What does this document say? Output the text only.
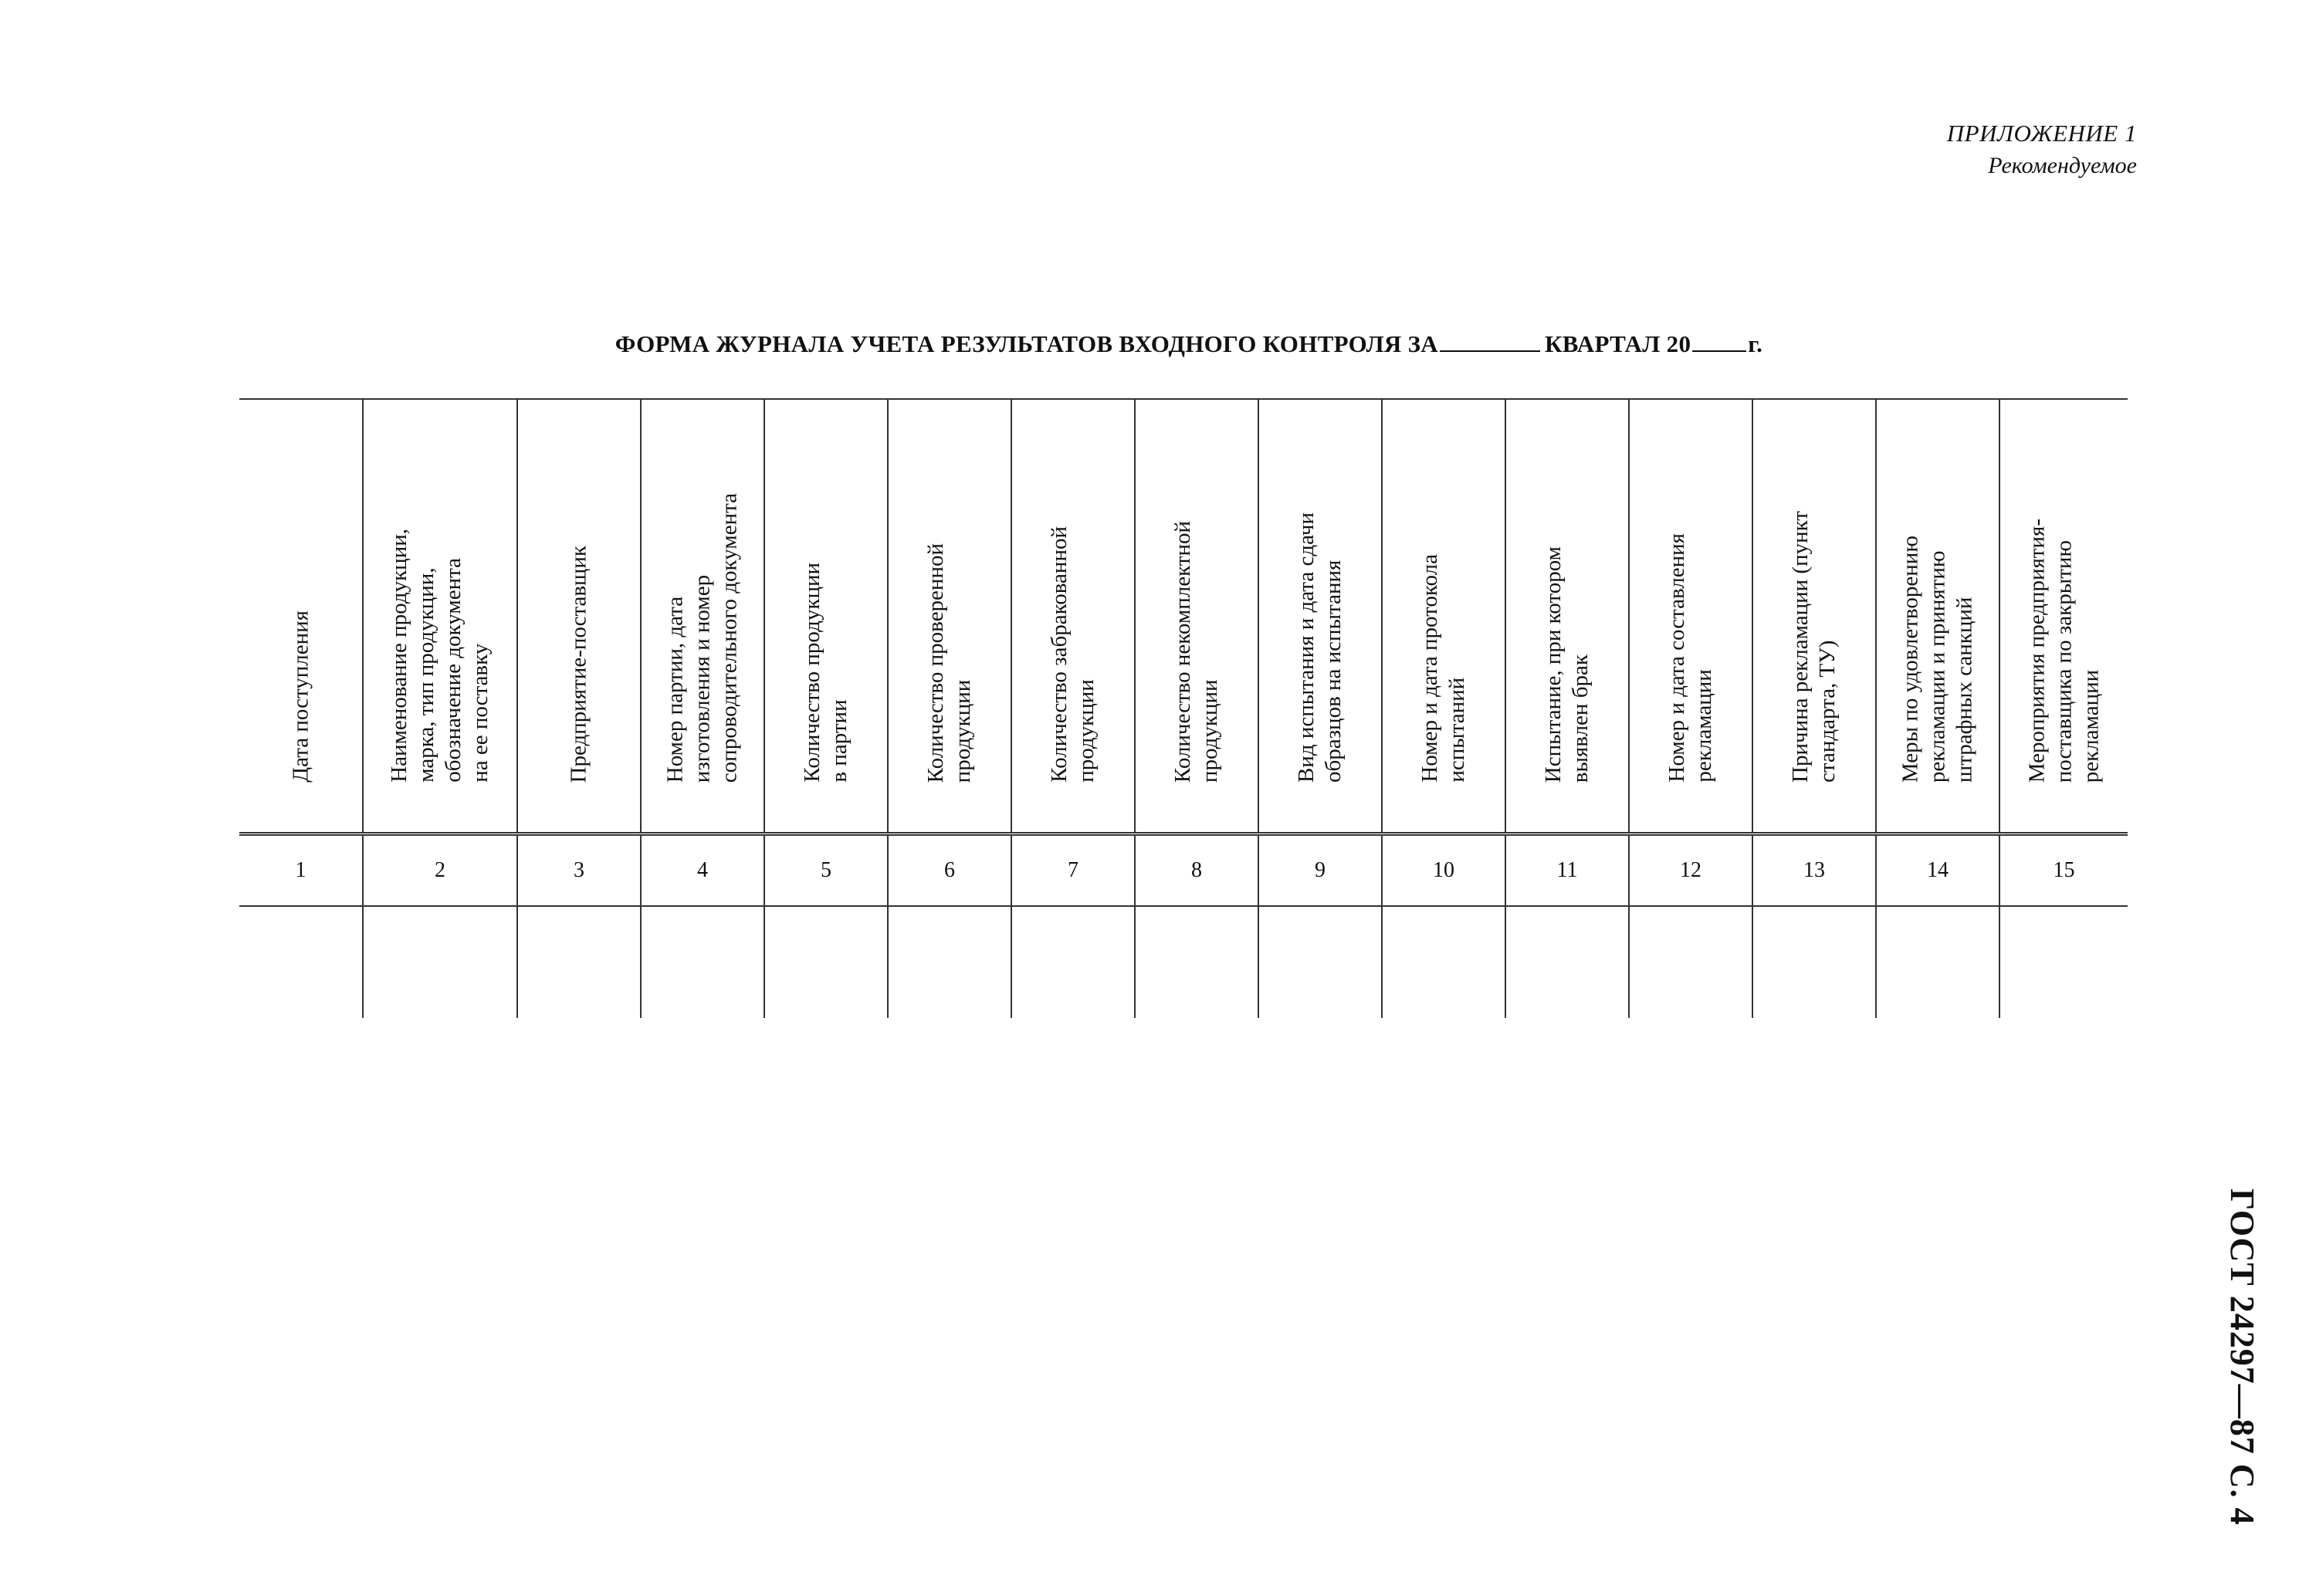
ПРИЛОЖЕНИЕ 1
Рекомендуемое
ФОРМА ЖУРНАЛА УЧЕТА РЕЗУЛЬТАТОВ ВХОДНОГО КОНТРОЛЯ ЗА	КВАРТАЛ 20 г.
Дата поступления	Наименование продукции,
марка, тип продукции,
обозначение документа
на ее поставку	Предприятие-поставщик	Номер партии, дата
изготовления и номер
сопроводительного документа	Количество продукции
в партии	Количество проверенной
продукции	Количество забракованной
продукции	Количество некомплектной
продукции	Вид испытания и дата сдачи
образцов на испытания	Номер и дата протокола
испытаний	Испытание, при котором
выявлен брак	Номер и дата составления
рекламации	Причина рекламации (пункт
стандарта, ТУ)	Меры по удовлетворению
рекламации и принятию
штрафных санкций	Мероприятия предприятия-
поставщика по закрытию
рекламации

1	2	3	4	5	6	7	8	9	10	11	12	13	14	15

ГОСТ 24297—87 С. 4
